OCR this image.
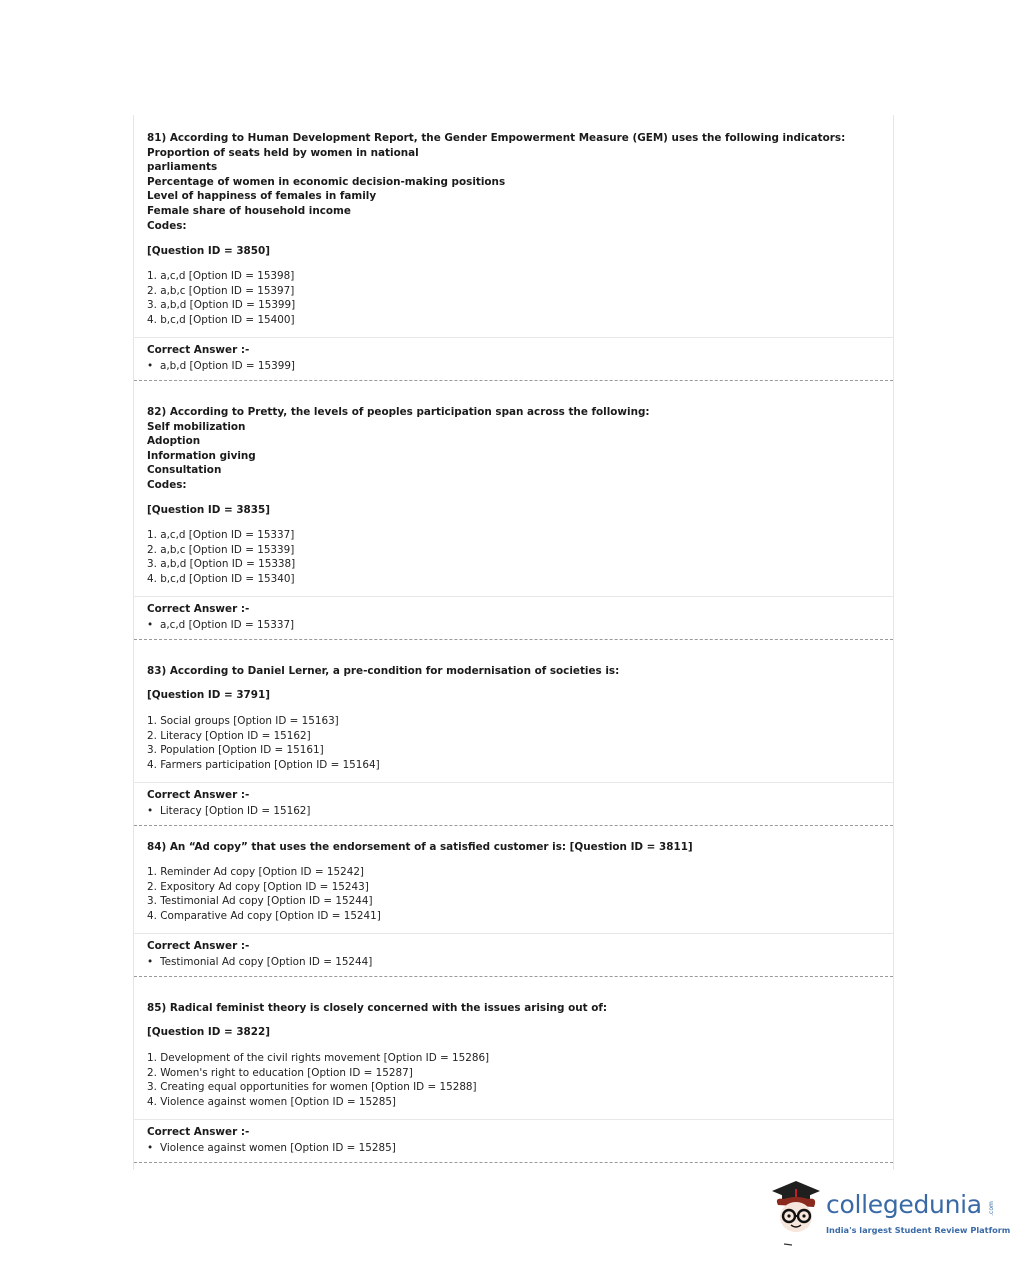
81) According to Human Development Report, the Gender Empowerment Measure (GEM) uses the following indicators:
Proportion of seats held by women in national
parliaments
Percentage of women in economic decision-making positions
Level of happiness of females in family
Female share of household income
Codes:
[Question ID = 3850]
1. a,c,d [Option ID = 15398]
2. a,b,c [Option ID = 15397]
3. a,b,d [Option ID = 15399]
4. b,c,d [Option ID = 15400]
Correct Answer :-
• a,b,d [Option ID = 15399]
82) According to Pretty, the levels of peoples participation span across the following:
Self mobilization
Adoption
Information giving
Consultation
Codes:
[Question ID = 3835]
1. a,c,d [Option ID = 15337]
2. a,b,c [Option ID = 15339]
3. a,b,d [Option ID = 15338]
4. b,c,d [Option ID = 15340]
Correct Answer :-
• a,c,d [Option ID = 15337]
83) According to Daniel Lerner, a pre-condition for modernisation of societies is:
[Question ID = 3791]
1. Social groups [Option ID = 15163]
2. Literacy [Option ID = 15162]
3. Population [Option ID = 15161]
4. Farmers participation [Option ID = 15164]
Correct Answer :-
• Literacy [Option ID = 15162]
84) An “Ad copy” that uses the endorsement of a satisfied customer is: [Question ID = 3811]
1. Reminder Ad copy [Option ID = 15242]
2. Expository Ad copy [Option ID = 15243]
3. Testimonial Ad copy [Option ID = 15244]
4. Comparative Ad copy [Option ID = 15241]
Correct Answer :-
• Testimonial Ad copy [Option ID = 15244]
85) Radical feminist theory is closely concerned with the issues arising out of:
[Question ID = 3822]
1. Development of the civil rights movement [Option ID = 15286]
2. Women's right to education [Option ID = 15287]
3. Creating equal opportunities for women [Option ID = 15288]
4. Violence against women [Option ID = 15285]
Correct Answer :-
• Violence against women [Option ID = 15285]
collegedunia .com
India's largest Student Review Platform
